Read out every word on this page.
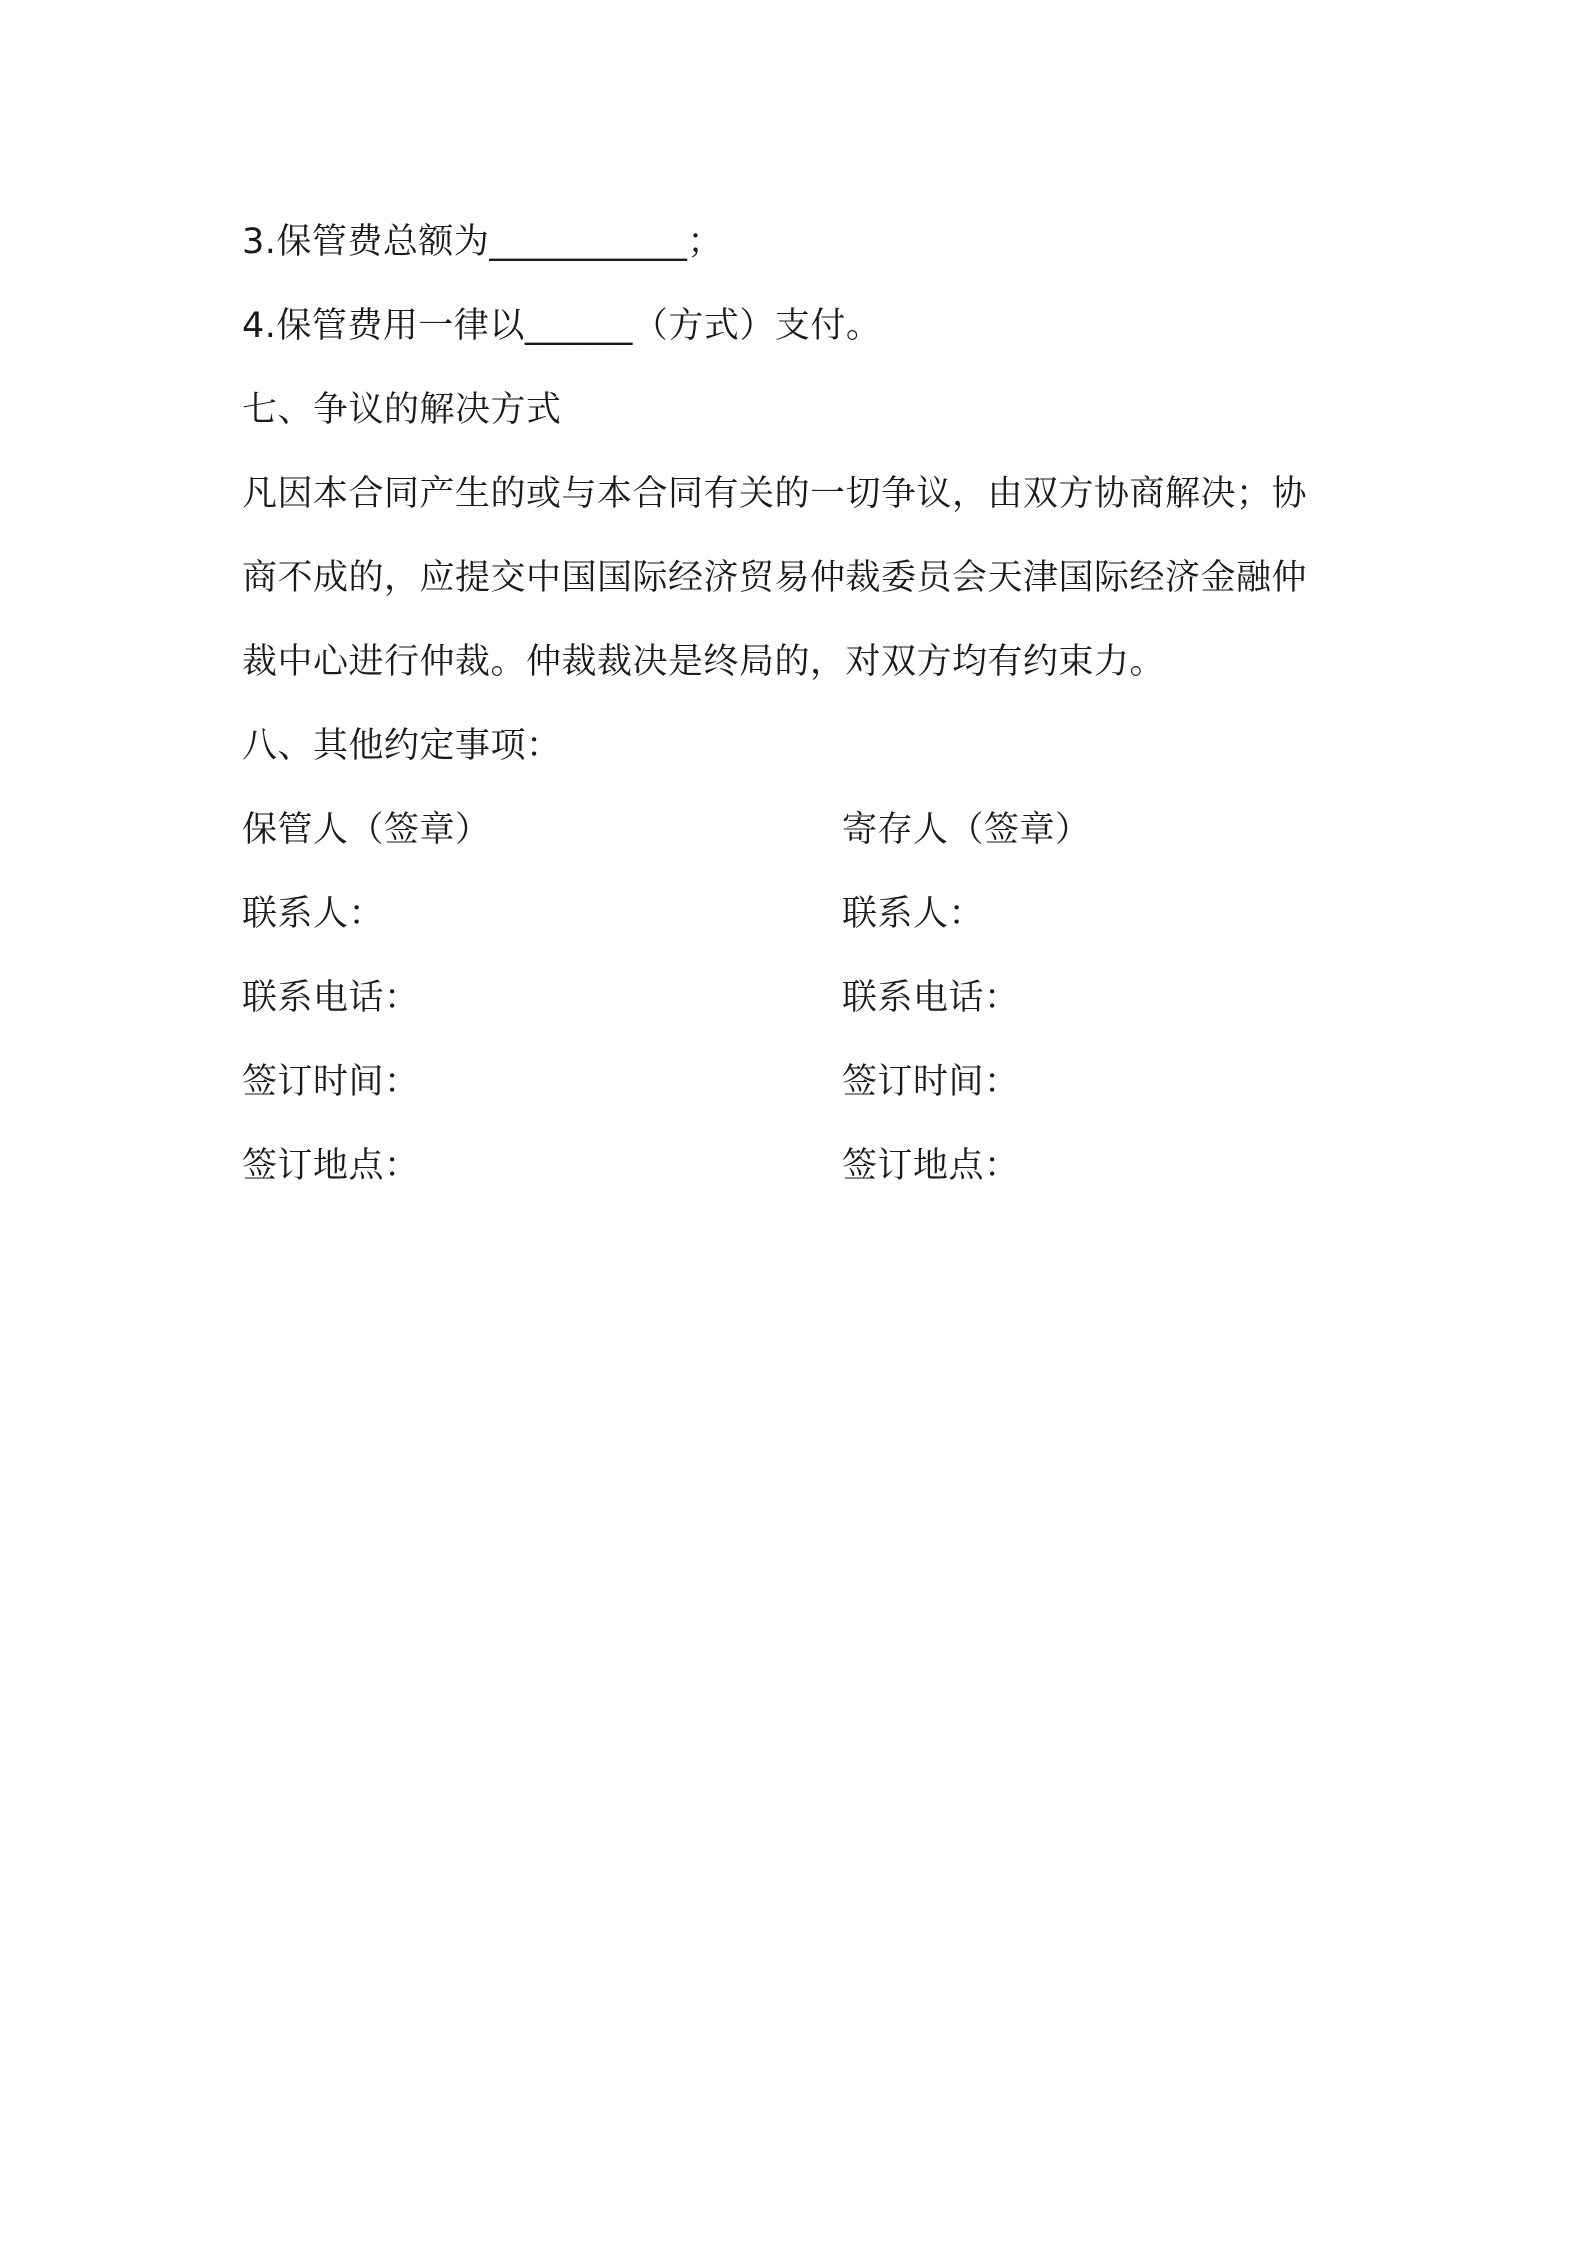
3.保管费总额为___________；
4.保管费用一律以______（方式）支付。
七、争议的解决方式
凡因本合同产生的或与本合同有关的一切争议，由双方协商解决；协
商不成的，应提交中国国际经济贸易仲裁委员会天津国际经济金融仲
裁中心进行仲裁。仲裁裁决是终局的，对双方均有约束力。
八、其他约定事项：
保管人（签章）	寄存人（签章）
联系人：	联系人：
联系电话：	联系电话：
签订时间：	签订时间：
签订地点：	签订地点：
